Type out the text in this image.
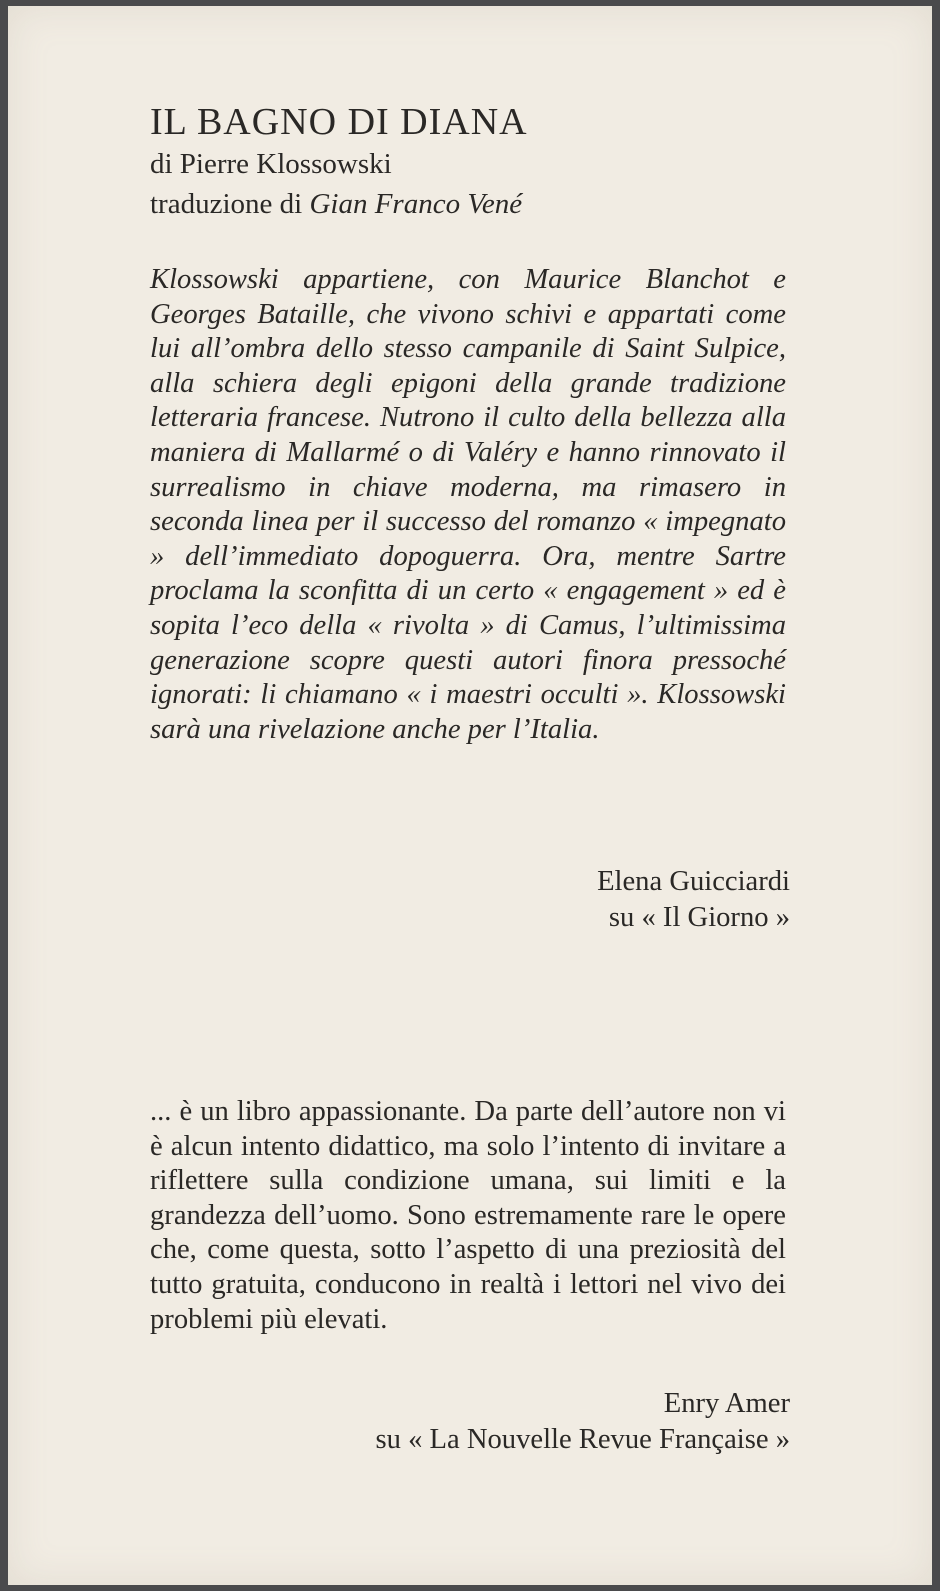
IL BAGNO DI DIANA

di Pierre Klossowski

traduzione di Gian Franco Vené

Klossowski appartiene, con Maurice Blanchot e Georges Bataille, che vivono schivi e appartati come lui all’ombra dello stesso campanile di Saint Sulpice, alla schiera degli epigoni della grande tradizione letteraria francese. Nutrono il culto della bellezza alla maniera di Mallarmé o di Valéry e hanno rinnovato il surrealismo in chiave moderna, ma rimasero in seconda linea per il successo del romanzo « impegnato » dell’immediato dopoguerra. Ora, mentre Sartre proclama la sconfitta di un certo « engagement » ed è sopita l’eco della « rivolta » di Camus, l’ultimissima generazione scopre questi autori finora pressoché ignorati: li chiamano « i maestri occulti ». Klossowski sarà una rivelazione anche per l’Italia.
Elena Guicciardi
su « Il Giorno »
... è un libro appassionante. Da parte dell’autore non vi è alcun intento didattico, ma solo l’intento di invitare a riflettere sulla condizione umana, sui limiti e la grandezza dell’uomo. Sono estremamente rare le opere che, come questa, sotto l’aspetto di una preziosità del tutto gratuita, conducono in realtà i lettori nel vivo dei problemi più elevati.
Enry Amer
su « La Nouvelle Revue Française »
